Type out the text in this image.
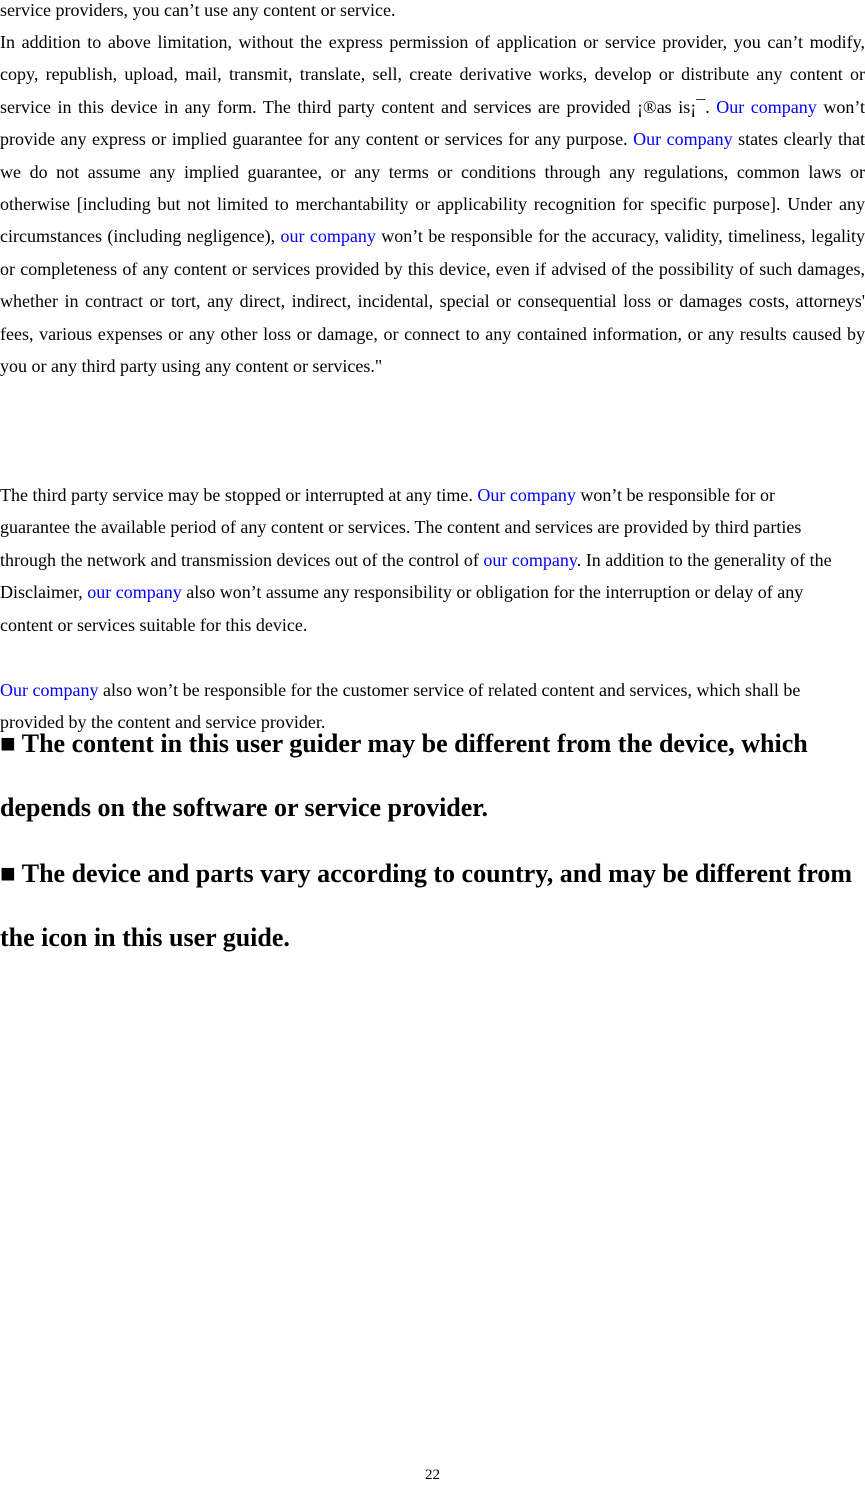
service providers, you can’t use any content or service.

In addition to above limitation, without the express permission of application or service provider, you can’t modify, copy, republish, upload, mail, transmit, translate, sell, create derivative works, develop or distribute any content or service in this device in any form. The third party content and services are provided ¡®as is¡¯. Our company won’t provide any express or implied guarantee for any content or services for any purpose. Our company states clearly that we do not assume any implied guarantee, or any terms or conditions through any regulations, common laws or otherwise [including but not limited to merchantability or applicability recognition for specific purpose]. Under any circumstances (including negligence), our company won’t be responsible for the accuracy, validity, timeliness, legality or completeness of any content or services provided by this device, even if advised of the possibility of such damages, whether in contract or tort, any direct, indirect, incidental, special or consequential loss or damages costs, attorneys' fees, various expenses or any other loss or damage, or connect to any contained information, or any results caused by you or any third party using any content or services."

The third party service may be stopped or interrupted at any time. Our company won’t be responsible for or guarantee the available period of any content or services. The content and services are provided by third parties through the network and transmission devices out of the control of our company. In addition to the generality of the Disclaimer, our company also won’t assume any responsibility or obligation for the interruption or delay of any content or services suitable for this device.

Our company also won’t be responsible for the customer service of related content and services, which shall be provided by the content and service provider.

■ The content in this user guider may be different from the device, which depends on the software or service provider.

■ The device and parts vary according to country, and may be different from the icon in this user guide.

22
